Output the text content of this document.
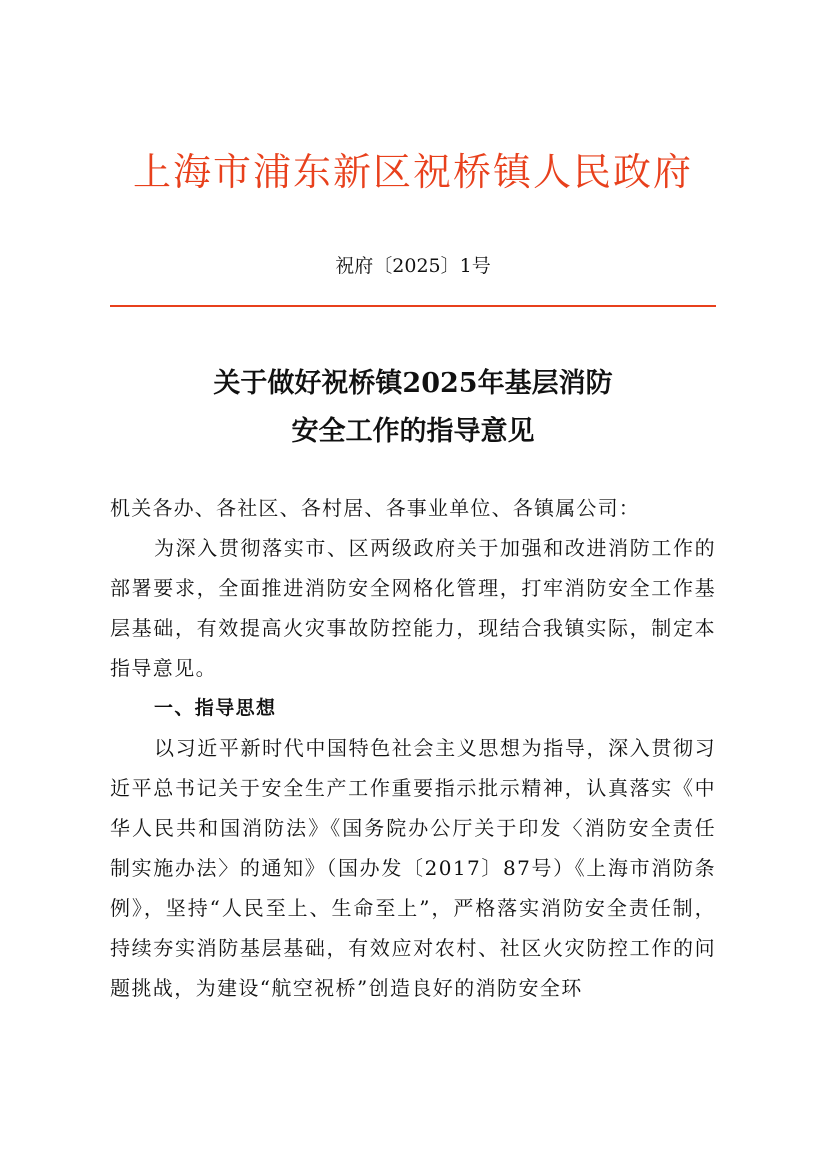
上海市浦东新区祝桥镇人民政府
祝府〔2025〕1号
关于做好祝桥镇2025年基层消防
安全工作的指导意见

机关各办、各社区、各村居、各事业单位、各镇属公司：

为深入贯彻落实市、区两级政府关于加强和改进消防工作的部署要求，全面推进消防安全网格化管理，打牢消防安全工作基层基础，有效提高火灾事故防控能力，现结合我镇实际，制定本指导意见。

一、指导思想

以习近平新时代中国特色社会主义思想为指导，深入贯彻习近平总书记关于安全生产工作重要指示批示精神，认真落实《中华人民共和国消防法》《国务院办公厅关于印发〈消防安全责任制实施办法〉的通知》（国办发〔2017〕87号）《上海市消防条例》，坚持“人民至上、生命至上”，严格落实消防安全责任制，持续夯实消防基层基础，有效应对农村、社区火灾防控工作的问题挑战，为建设“航空祝桥”创造良好的消防安全环
